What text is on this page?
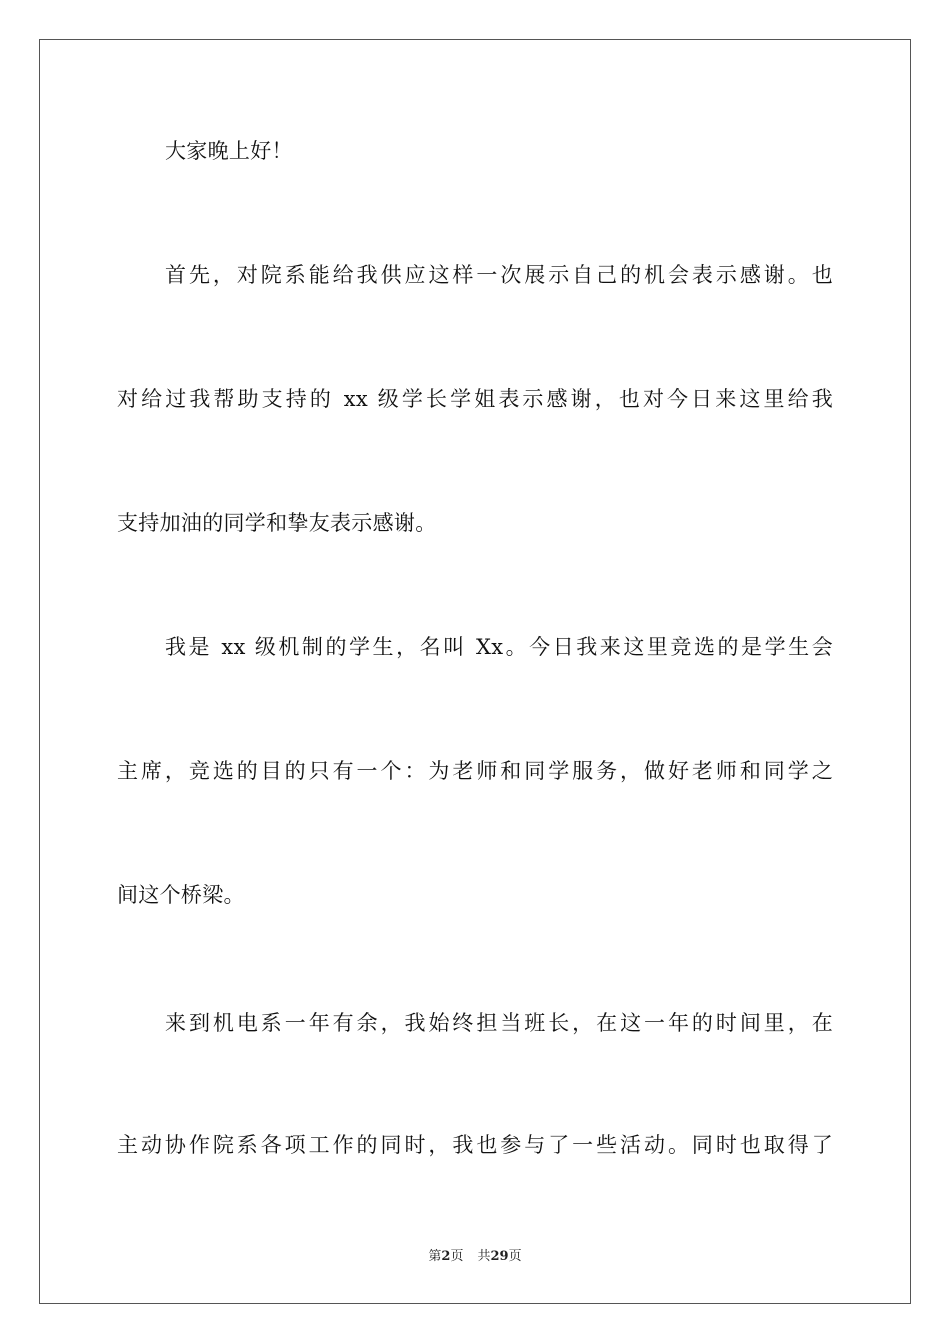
大家晚上好！
首先，对院系能给我供应这样一次展示自己的机会表示感谢。也
对给过我帮助支持的 xx 级学长学姐表示感谢，也对今日来这里给我
支持加油的同学和挚友表示感谢。
我是 xx 级机制的学生，名叫 Xx。今日我来这里竞选的是学生会
主席，竞选的目的只有一个：为老师和同学服务，做好老师和同学之
间这个桥梁。
来到机电系一年有余，我始终担当班长，在这一年的时间里，在
主动协作院系各项工作的同时，我也参与了一些活动。同时也取得了
第2页 共29页
